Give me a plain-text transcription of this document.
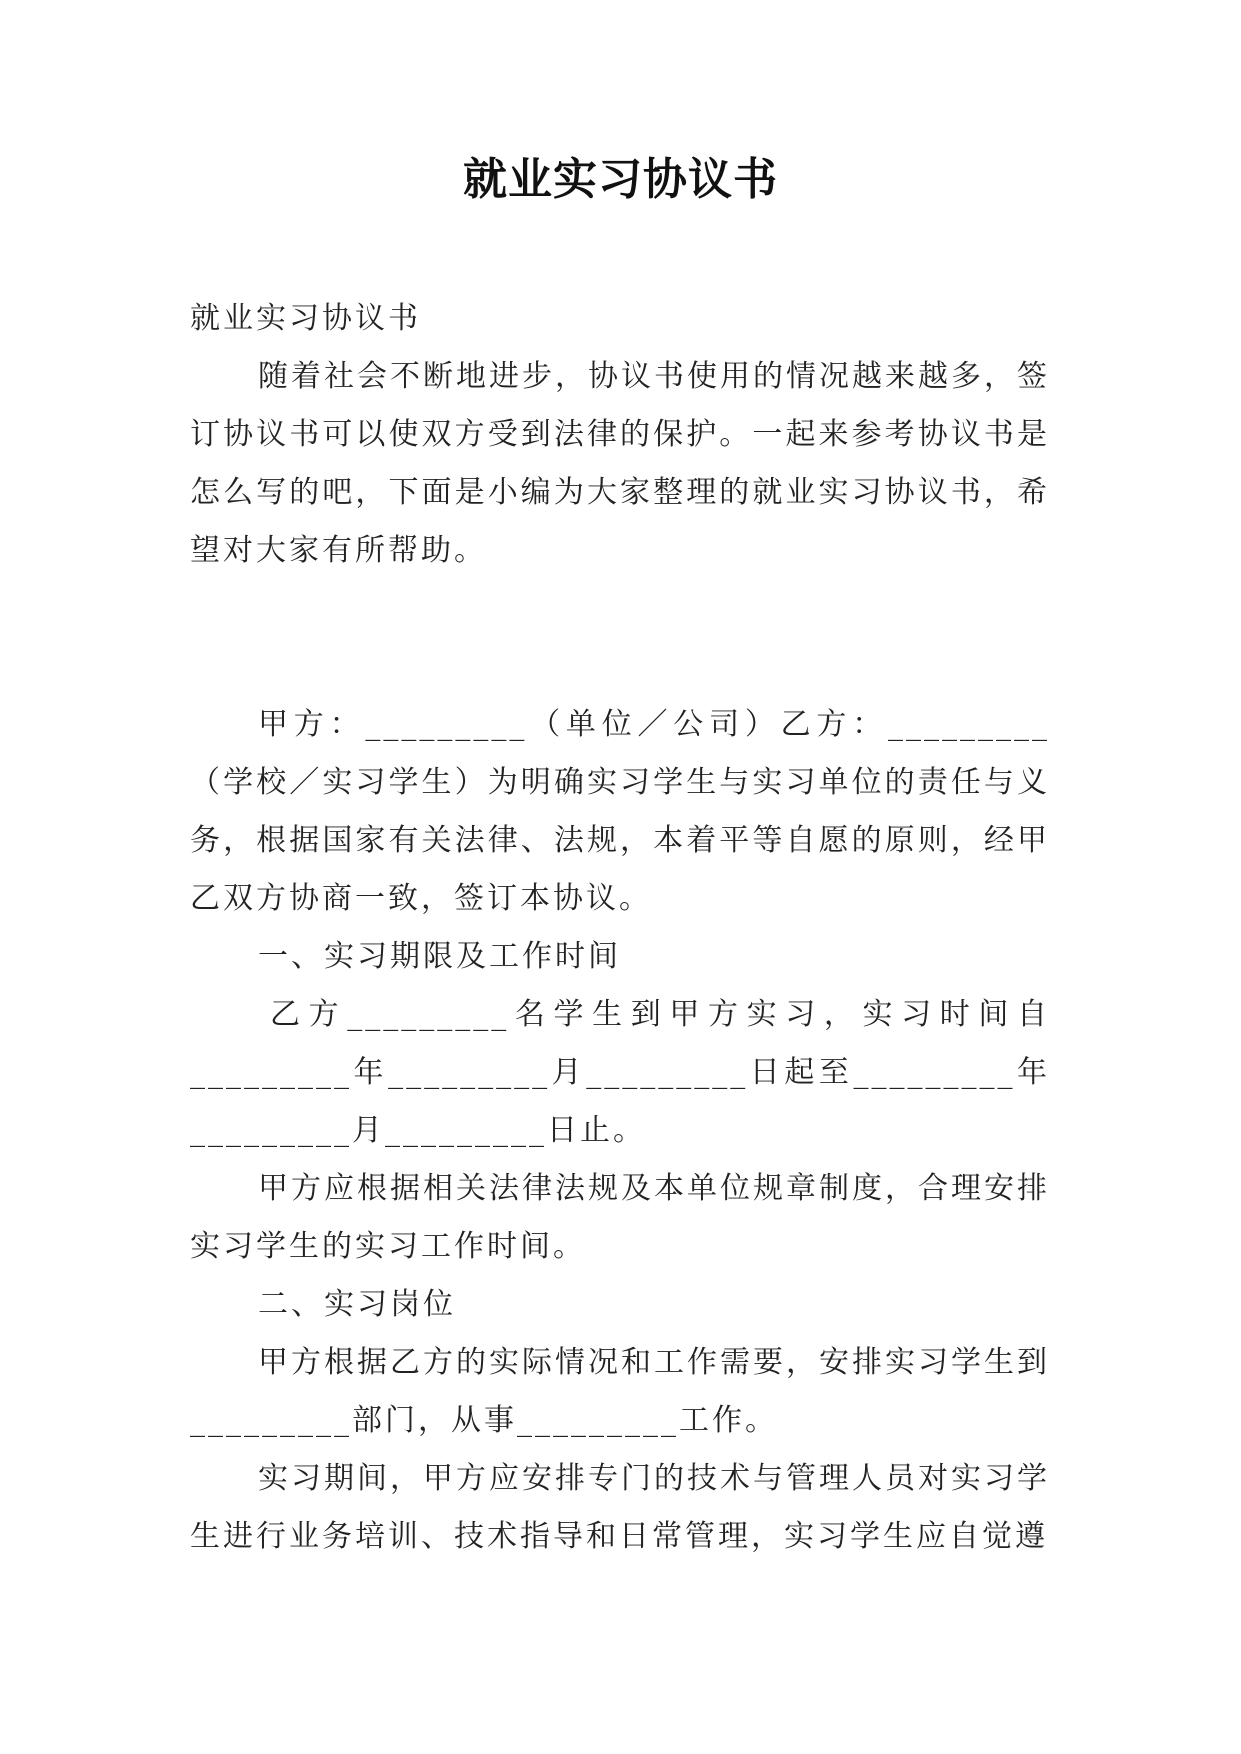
就业实习协议书

就业实习协议书

随着社会不断地进步，协议书使用的情况越来越多，签订协议书可以使双方受到法律的保护。一起来参考协议书是怎么写的吧，下面是小编为大家整理的就业实习协议书，希望对大家有所帮助。

甲方：_________（单位／公司）乙方：_________（学校／实习学生）为明确实习学生与实习单位的责任与义务，根据国家有关法律、法规，本着平等自愿的原则，经甲乙双方协商一致，签订本协议。

一、实习期限及工作时间

乙方_________名学生到甲方实习，实习时间自_________年_________月_________日起至_________年_________月_________日止。

甲方应根据相关法律法规及本单位规章制度，合理安排实习学生的实习工作时间。

二、实习岗位

甲方根据乙方的实际情况和工作需要，安排实习学生到_________部门，从事_________工作。

实习期间，甲方应安排专门的技术与管理人员对实习学生进行业务培训、技术指导和日常管理，实习学生应自觉遵
